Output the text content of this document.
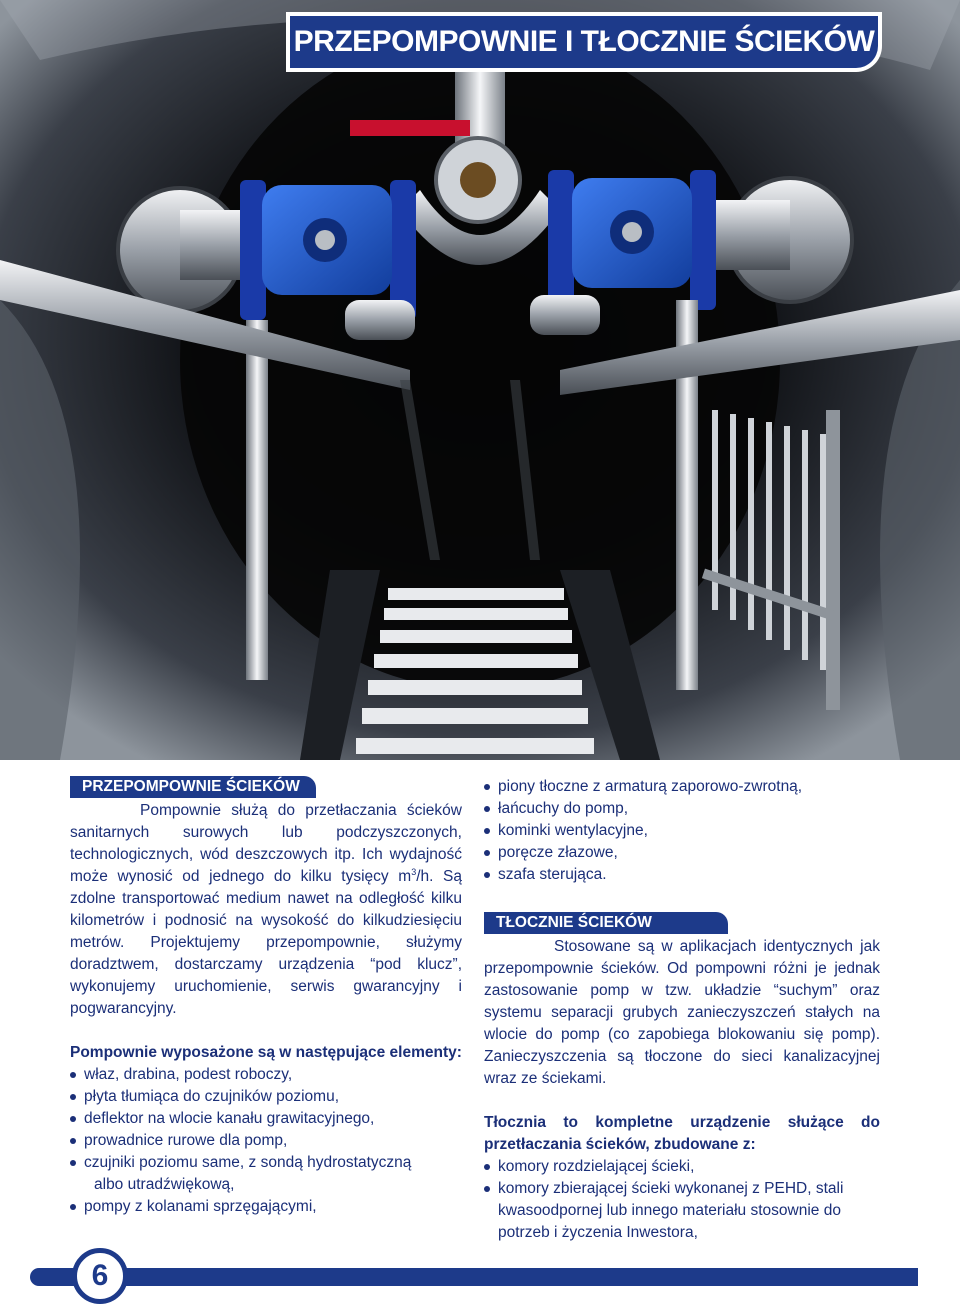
PRZEPOMPOWNIE I TŁOCZNIE ŚCIEKÓW
PRZEPOMPOWNIE ŚCIEKÓW

Pompownie służą do przetłaczania ścieków sanitarnych surowych lub podczyszczonych, technologicznych, wód deszczowych itp. Ich wydajność może wynosić od jednego do kilku tysięcy $m^3/h$. Są zdolne transportować medium nawet na odległość kilku kilometrów i podnosić na wysokość do kilkudziesięciu metrów. Projektujemy przepompownie, służymy doradztwem, dostarczamy urządzenia “pod klucz”, wykonujemy uruchomienie, serwis gwarancyjny i pogwarancyjny.

Pompownie wyposażone są w następujące elementy:

właz, drabina, podest roboczy,
płyta tłumiąca do czujników poziomu,
deflektor na wlocie kanału grawitacyjnego,
prowadnice rurowe dla pomp,
czujniki poziomu same, z sondą hydrostatyczną
albo utradźwiękową,
pompy z kolanami sprzęgającymi,
piony tłoczne z armaturą zaporowo-zwrotną,
łańcuchy do pomp,
kominki wentylacyjne,
poręcze złazowe,
szafa sterująca.
TŁOCZNIE ŚCIEKÓW

Stosowane są w aplikacjach identycznych jak przepompownie ścieków. Od pompowni różni je jednak zastosowanie pomp w tzw. układzie “suchym” oraz systemu separacji grubych zanieczyszczeń stałych na wlocie do pomp (co zapobiega blokowaniu się pomp). Zanieczyszczenia są tłoczone do sieci kanalizacyjnej wraz ze ściekami.

Tłocznia to kompletne urządzenie służące do przetłaczania ścieków, zbudowane z:

komory rozdzielającej ścieki,
komory zbierającej ścieki wykonanej z PEHD, stali kwasoodpornej lub innego materiału stosownie do potrzeb i życzenia Inwestora,
6
